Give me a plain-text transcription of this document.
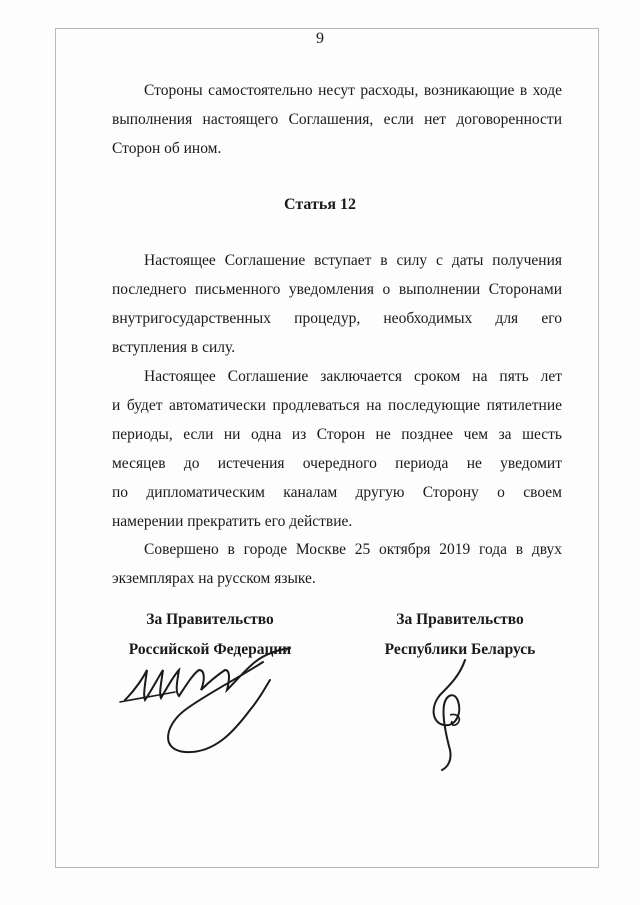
9
Стороны самостоятельно несут расходы, возникающие в ходе
выполнения настоящего Соглашения, если нет договоренности
Сторон об ином.
Статья 12
Настоящее Соглашение вступает в силу с даты получения
последнего письменного уведомления о выполнении Сторонами
внутригосударственных процедур, необходимых для его
вступления в силу.
Настоящее Соглашение заключается сроком на пять лет
и будет автоматически продлеваться на последующие пятилетние
периоды, если ни одна из Сторон не позднее чем за шесть
месяцев до истечения очередного периода не уведомит
по дипломатическим каналам другую Сторону о своем
намерении прекратить его действие.
Совершено в городе Москве 25 октября 2019 года в двух
экземплярах на русском языке.
За Правительство
Российской Федерации
За Правительство
Республики Беларусь
